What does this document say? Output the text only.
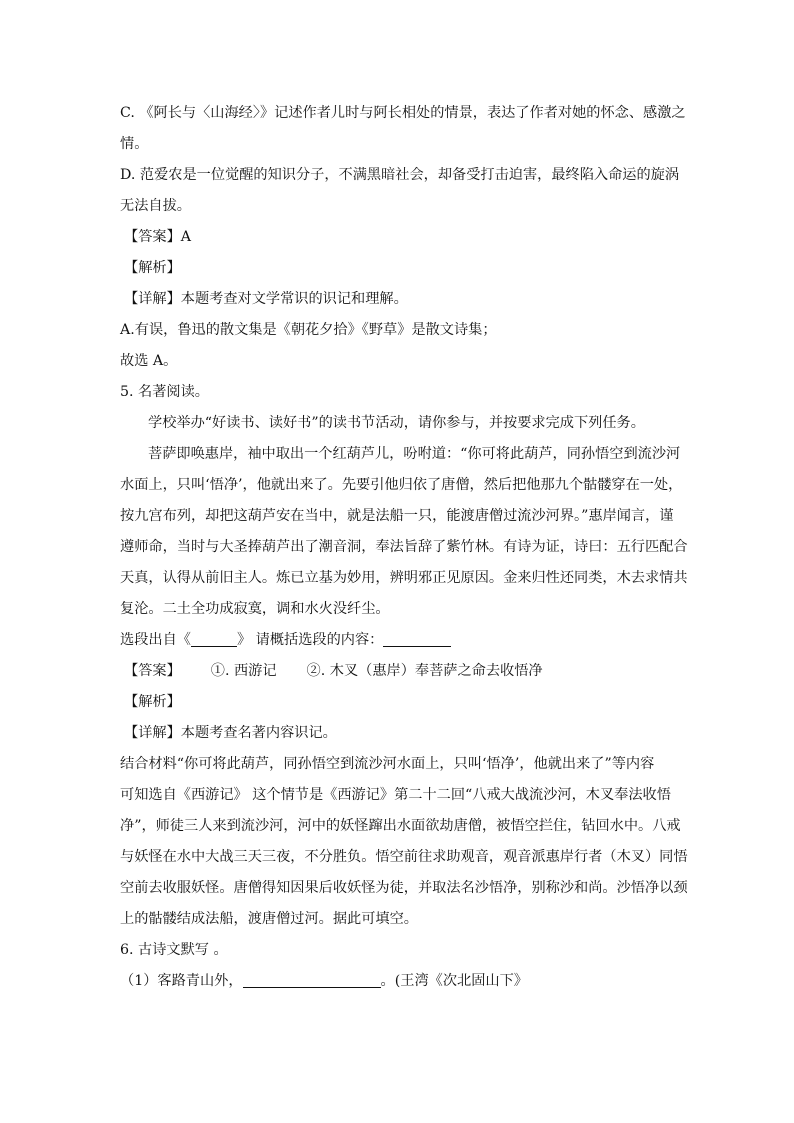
C. 《阿长与〈山海经〉》记述作者儿时与阿长相处的情景，表达了作者对她的怀念、感激之
情。
D. 范爱农是一位觉醒的知识分子，不满黑暗社会，却备受打击迫害，最终陷入命运的旋涡
无法自拔。
【答案】A
【解析】
【详解】本题考查对文学常识的识记和理解。
A.有误，鲁迅的散文集是《朝花夕拾》《野草》是散文诗集；
故选 A。
5. 名著阅读。
学校举办“好读书、读好书”的读书节活动，请你参与，并按要求完成下列任务。
菩萨即唤惠岸，袖中取出一个红葫芦儿，吩咐道：“你可将此葫芦，同孙悟空到流沙河
水面上，只叫‘悟净’，他就出来了。先要引他归依了唐僧，然后把他那九个骷髅穿在一处，
按九宫布列，却把这葫芦安在当中，就是法船一只，能渡唐僧过流沙河界。”惠岸闻言，谨
遵师命，当时与大圣捧葫芦出了潮音洞，奉法旨辞了紫竹林。有诗为证，诗曰：五行匹配合
天真，认得从前旧主人。炼已立基为妙用，辨明邪正见原因。金来归性还同类，木去求情共
复沦。二土全功成寂寞，调和水火没纤尘。
选段出自《	》 请概括选段的内容：
【答案】 ①. 西游记 ②. 木叉（惠岸）奉菩萨之命去收悟净
【解析】
【详解】本题考查名著内容识记。
结合材料“你可将此葫芦，同孙悟空到流沙河水面上，只叫‘悟净’，他就出来了”等内容
可知选自《西游记》 这个情节是《西游记》第二十二回“八戒大战流沙河，木叉奉法收悟
净”，师徒三人来到流沙河，河中的妖怪蹿出水面欲劫唐僧，被悟空拦住，钻回水中。八戒
与妖怪在水中大战三天三夜，不分胜负。悟空前往求助观音，观音派惠岸行者（木叉）同悟
空前去收服妖怪。唐僧得知因果后收妖怪为徒，并取法名沙悟净，别称沙和尚。沙悟净以颈
上的骷髅结成法船，渡唐僧过河。据此可填空。
6. 古诗文默写 。
（1）客路青山外，	。(王湾《次北固山下》
